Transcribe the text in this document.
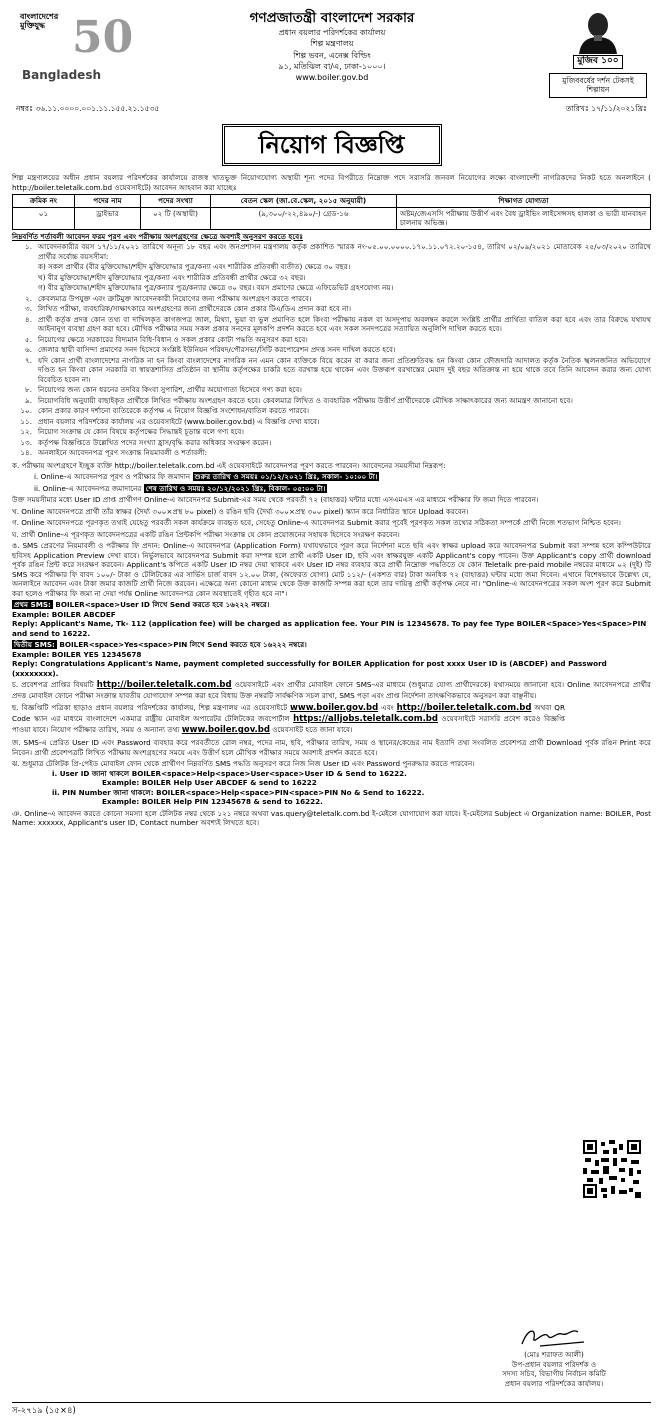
বাংলাদেশের
মুক্তিযুদ্ধ 50
Bangladesh
গণপ্রজাতন্ত্রী বাংলাদেশ সরকার
প্রধান বয়লার পরিদর্শকের কার্যালয়
শিল্প মন্ত্রণালয়
শিল্প ভবন, এনেক্স বিল্ডিং
৯১, মতিঝিল বা/এ, ঢাকা-১০০০।
www.boiler.gov.bd
মুজিব ১০০
মুজিববর্ষের দর্শন টেকসই শিল্পায়ন
নম্বরঃ ৩৬.১১.০০০০.০০১.১১.১৫৫.২১.১৫৩৫	তারিখঃ ১৭/১১/২০২১খ্রিঃ
নিয়োগ বিজ্ঞপ্তি
শিল্প মন্ত্রণালয়ের অধীন প্রধান বয়লার পরিদর্শকের কার্যালয়ে রাজস্ব খাতভুক্ত নিয়োগযোগ্য অস্থায়ী শূন্য পদের বিপরীতে নিম্নোক্ত পদে সরাসরি জনবল নিয়োগের লক্ষ্যে বাংলাদেশী নাগরিকদের নিকট হতে অনলাইনে ( http://boiler.teletalk.com.bd ওয়েবসাইটে) আবেদন আহবান করা যাচ্ছেঃ
ক্রমিক নং	পদের নাম	পদের সংখ্যা	বেতন স্কেল (জা.বে.স্কেল, ২০১৫ অনুযায়ী)	শিক্ষাগত যোগ্যতা
০১	ড্রাইভার	০২ টি (অস্থায়ী)	(৯,৩০০/-২২,৪৯০/-) গ্রেড-১৬	অষ্টম/জেএসসি পরীক্ষায় উত্তীর্ণ এবং বৈধ ড্রাইভিং লাইসেন্সসহ হালকা ও ভারী যানবাহন চালনায় অভিজ্ঞ।
নিম্নবর্ণিত শর্তাবলী আবেদন ফরম পূরণ এবং পরীক্ষায় অংশগ্রহণের ক্ষেত্রে অবশ্যই অনুসরণ করতে হবেঃ
১. আবেদনকারীর বয়স ১৭/১১/২০২১ তারিখে অনূন্য ১৮ বছর এবং জনপ্রশাসন মন্ত্রণালয় কর্তৃক প্রকাশিত স্মারক নং-০৫.০০.০০০০.১৭০.১১.০৭২.২০-১৫৪, তারিখ ০২/০৯/২০২১ মোতাবেক ২৫/০৩/২০২০ তারিখে প্রার্থীর সর্বোচ্চ বয়সসীমা:
ক) সকল প্রার্থীর (বীর মুক্তিযোদ্ধা/শহীদ মুক্তিযোদ্ধার পুত্র/কন্যা এবং শারীরিক প্রতিবন্ধী ব্যতীত) ক্ষেত্রে ৩০ বছর।
খ) বীর মুক্তিযোদ্ধা/শহীদ মুক্তিযোদ্ধার পুত্র/কন্যা এবং শারীরিক প্রতিবন্ধী প্রার্থীর ক্ষেত্রে ৩২ বছর।
গ) বীর মুক্তিযোদ্ধা/শহীদ মুক্তিযোদ্ধার পুত্র/কন্যার পুত্র/কন্যার ক্ষেত্রে ৩০ বছর। বয়স প্রমাণের ক্ষেত্রে এফিডেভিট গ্রহণযোগ্য নয়।
২. কেবলমাত্র উপযুক্ত এবং ত্রুটিমুক্ত আবেদনকারী নিয়োগের জন্য পরীক্ষায় অংশগ্রহণ করতে পারবে।
৩. লিখিত পরীক্ষা, ব্যবহারিক/সাক্ষাৎকারে অংশগ্রহণের জন্য প্রার্থীদেরকে কোন প্রকার টিএ/ডিএ প্রদান করা হবে না।
৪. প্রার্থী কর্তৃক প্রদত্ত কোন তথ্য বা দাখিলকৃত কাগজপত্র জাল, মিথ্যা, ভুয়া বা ভুল প্রমাণিত হলে কিংবা পরীক্ষায় নকল বা অসদুপায় অবলম্বন করলে সংশ্লিষ্ট প্রার্থীর প্রার্থিতা বাতিল করা হবে এবং তার বিরুদ্ধে যথাযথ আইনানুগ ব্যবস্থা গ্রহণ করা হবে। মৌখিক পরীক্ষার সময় সকল প্রকার সনদের মূলকপি প্রদর্শন করতে হবে এবং সকল সনদপত্রের সত্যায়িত অনুলিপি দাখিল করতে হবে।
৫. নিয়োগের ক্ষেত্রে সরকারের বিদ্যমান বিধি-বিধান ও সকল প্রকার কোটা পদ্ধতি অনুসরণ করা হবে।
৬. জেলার স্থায়ী বাসিন্দা প্রমাণের সনদ হিসেবে সংশ্লিষ্ট ইউনিয়ন পরিষদ/পৌরসভা/সিটি করপোরেশন প্রদত্ত সনদ দাখিল করতে হবে।
৭. যদি কোন প্রার্থী বাংলাদেশের নাগরিক না হন কিংবা বাংলাদেশের নাগরিক নন এমন কোন ব্যক্তিকে বিয়ে করেন বা করার জন্য প্রতিশ্রুতিবদ্ধ হন কিংবা কোন ফৌজদারি আদালত কর্তৃক নৈতিক স্খলনজনিত অভিযোগে দণ্ডিত হন কিংবা কোন সরকারি বা স্বায়ত্তশাসিত প্রতিষ্ঠান বা স্থানীয় কর্তৃপক্ষের চাকরি হতে বরখাস্ত হয়ে থাকেন এবং উক্তরূপ বরখাস্তের মেয়াদ দুই বছর অতিক্রান্ত না হয়ে থাকে তবে তিনি আবেদন করার জন্য যোগ্য বিবেচিত হবেন না।
৮. নিয়োগের জন্য কোন ধরনের তদবির কিংবা সুপারিশ, প্রার্থীর অযোগ্যতা হিসেবে গণ্য করা হবে।
৯. নিয়োগবিধি অনুযায়ী বাছাইকৃত প্রার্থীকে লিখিত পরীক্ষায় অংশগ্রহণ করতে হবে। কেবলমাত্র লিখিত ও ব্যবহারিক পরীক্ষায় উত্তীর্ণ প্রার্থীদেরকে মৌখিক সাক্ষাৎকারের জন্য আমন্ত্রণ জানানো হবে।
১০. কোন প্রকার কারণ দর্শানো ব্যতিরেকে কর্তৃপক্ষ এ নিয়োগ বিজ্ঞপ্তি সংশোধন/বাতিল করতে পারবে।
১১. প্রধান বয়লার পরিদর্শকের কার্যালয় এর ওয়েবসাইটে (www.boiler.gov.bd) এ বিজ্ঞপ্তি দেখা যাবে।
১২. নিয়োগ সংক্রান্ত যে কোন বিষয়ে কর্তৃপক্ষের সিদ্ধান্তই চূড়ান্ত বলে গণ্য হবে।
১৩. কর্তৃপক্ষ বিজ্ঞপ্তিতে উল্লেখিত পদের সংখ্যা হ্রাস/বৃদ্ধি করার অধিকার সংরক্ষণ করেন।
১৪. অনলাইনে আবেদনপত্র পূরণ সংক্রান্ত নিয়মাবলী ও শর্তাবলী:
ক. পরীক্ষায় অংশগ্রহণে ইচ্ছুক ব্যক্তি http://boiler.teletalk.com.bd এই ওয়েবসাইটে আবেদনপত্র পূরণ করতে পারবেন। আবেদনের সময়সীমা নিম্নরূপ:
i. Online-এ আবেদনপত্র পূরণ ও পরীক্ষার ফি জমাদান শুরুর তারিখ ও সময়ঃ ০১/১২/২০২১ খ্রিঃ, সকাল- ১০:০০ টা।
ii. Online-এ আবেদনপত্র জমাদানের শেষ তারিখ ও সময়ঃ ২০/১২/২০২১ খ্রিঃ, বিকাল- ০৫:০০ টা।
উক্ত সময়সীমার মধ্যে User ID প্রাপ্ত প্রার্থীগণ Online-এ আবেদনপত্র Submit-এর সময় থেকে পরবর্তী ৭২ (বাহাত্তর) ঘন্টার মধ্যে এসএমএস এর মাধ্যমে পরীক্ষার ফি জমা দিতে পারবেন।
খ. Online আবেদনপত্রে প্রার্থী তাঁর স্বাক্ষর (দৈর্ঘ্য ৩০০×প্রস্থ ৮০ pixel) ও রঙিন ছবি (দৈর্ঘ্য ৩০০×প্রস্থ ৩০০ pixel) স্ক্যান করে নির্ধারিত স্থানে Upload করবেন।
গ. Online আবেদনপত্রে পূরণকৃত তথ্যই যেহেতু পরবর্তী সকল কার্যক্রমে ব্যবহৃত হবে, সেহেতু Online-এ আবেদনপত্র Submit করার পূর্বেই পূরণকৃত সকল তথ্যের সঠিকতা সম্পর্কে প্রার্থী নিজে শতভাগ নিশ্চিত হবেন।
ঘ. প্রার্থী Online-এ পূরণকৃত আবেদনপত্রের একটি রঙিন প্রিন্টকপি পরীক্ষা সংক্রান্ত যে কোন প্রয়োজনের সহায়ক হিসেবে সংরক্ষণ করবেন।
ঙ. SMS প্রেরণের নিয়মাবলী ও পরীক্ষার ফি প্রদান: Online-এ আবেদনপত্র (Application Form) যথাযথভাবে পূরণ করে নির্দেশনা মতে ছবি এবং স্বাক্ষর upload করে আবেদনপত্র Submit করা সম্পন্ন হলে কম্পিউটারে ছবিসহ Application Preview দেখা যাবে। নির্ভুলভাবে আবেদনপত্র Submit করা সম্পন্ন হলে প্রার্থী একটি User ID, ছবি এবং স্বাক্ষরযুক্ত একটি Applicant's copy পাবেন। উক্ত Applicant's copy প্রার্থী download পূর্বক রঙিন প্রিন্ট করে সংরক্ষণ করবেন। Applicant's কপিতে একটি User ID নম্বর দেয়া থাকবে এবং User ID নম্বর ব্যবহার করে প্রার্থী নিম্নোক্ত পদ্ধতিতে যে কোন Teletalk pre-paid mobile নম্বরের মাধ্যমে ০২ (দুই) টি SMS করে পরীক্ষার ফি বাবদ ১০০/- টাকা ও টেলিটকের এর সার্ভিস চার্জ বাবদ ১২.০০ টাকা, (অফেরত যোগ্য) মোট ১১২/- (একশত বার) টাকা অনধিক ৭২ (বাহাত্তর) ঘন্টার মধ্যে জমা দিবেন। এখানে বিশেষভাবে উল্লেখ্য যে, অনলাইনে আবেদন এবং টাকা জমার কাজটি প্রার্থী নিজে করবেন। এক্ষেত্রে অন্য কোনো মাধ্যম থেকে উক্ত কাজটি সম্পন্ন করা হলে তার দায়িত্ব প্রার্থী কর্তৃপক্ষ নেবে না। "Online-এ আবেদনপত্রের সকল অংশ পূরণ করে Submit করা হলেও পরীক্ষার ফি জমা না দেয়া পর্যন্ত Online আবেদনপত্র কোন অবস্থাতেই গৃহীত হবে না"।
প্রথম SMS: BOILER<space>User ID লিখে Send করতে হবে ১৬২২২ নম্বরে।
Example: BOILER ABCDEF
Reply: Applicant's Name, Tk- 112 (application fee) will be charged as application fee. Your PIN is 12345678. To pay fee Type BOILER<Space>Yes<Space>PIN and send to 16222.
দ্বিতীয় SMS: BOILER<space>Yes<space>PIN লিখে Send করতে হবে ১৬২২২ নম্বরে।
Example: BOILER YES 12345678
Reply: Congratulations Applicant's Name, payment completed successfully for BOILER Application for post xxxx User ID is (ABCDEF) and Password (xxxxxxxx).
চ. প্রবেশপত্র প্রাপ্তির বিষয়টি http://boiler.teletalk.com.bd ওয়েবসাইটে এবং প্রার্থীর মোবাইল ফোনে SMS-এর মাধ্যমে (শুধুমাত্র যোগ্য প্রার্থীদেরকে) যথাসময়ে জানানো হবে। Online আবেদনপত্রে প্রার্থীর প্রদত্ত মোবাইল ফোনে পরীক্ষা সংক্রান্ত যাবতীয় যোগাযোগ সম্পন্ন করা হবে বিধায় উক্ত নম্বরটি সার্বক্ষণিক সচল রাখা, SMS পড়া এবং প্রাপ্ত নির্দেশনা তাৎক্ষণিকভাবে অনুসরণ করা বাঞ্ছনীয়।
ছ. বিজ্ঞপ্তিটি পত্রিকা ছাড়াও প্রধান বয়লার পরিদর্শকের কার্যালয়, শিল্প মন্ত্রণালয় এর ওয়েবসাইটে www.boiler.gov.bd এবং http://boiler.teletalk.com.bd অথবা QR Code স্ক্যান এর মাধ্যমে বাংলাদেশে একমাত্র রাষ্ট্রীয় মোবাইল অপারেটর টেলিটকের জবপোর্টাল https://alljobs.teletalk.com.bd ওয়েবসাইটে সরাসরি প্রবেশ করেও বিজ্ঞপ্তি পাওয়া যাবে। নিয়োগ পরীক্ষার তারিখ, সময় ও অন্যান্য তথ্য www.boiler.gov.bd ওয়েবসাইট হতে জানা যাবে।
জ. SMS-এ প্রেরিত User ID এবং Password ব্যবহার করে পরবর্তীতে রোল নম্বর, পদের নাম, ছবি, পরীক্ষার তারিখ, সময় ও স্থানের/কেন্দ্রের নাম ইত্যাদি তথ্য সংবলিত প্রবেশপত্র প্রার্থী Download পূর্বক রঙিন Print করে নিবেন। প্রার্থী প্রবেশপত্রটি লিখিত পরীক্ষায় অংশগ্রহণের সময়ে এবং উত্তীর্ণ হলে মৌখিক পরীক্ষার সময়ে অবশ্যই প্রদর্শন করতে হবে।
ঝ. শুধুমাত্র টেলিটক প্রি-পেইড মোবাইল ফোন থেকে প্রার্থীগণ নিম্নবর্ণিত SMS পদ্ধতি অনুসরণ করে নিজ নিজ User ID এবং Password পুনরুদ্ধার করতে পারবেন।
i. User ID জানা থাকলে BOILER<space>Help<space>User<space>User ID & Send to 16222.
Example: BOILER Help User ABCDEF & send to 16222
ii. PIN Number জানা থাকলে: BOILER<space>Help<space>PIN<space>PIN No & Send to 16222.
Example: BOILER Help PIN 12345678 & send to 16222.
ঞ. Online-এ আবেদন করতে কোনো সমস্যা হলে টেলিটক নম্বর থেকে ১২১ নম্বরে অথবা vas.query@teletalk.com.bd ই-মেইলে যোগাযোগ করা যাবে। ই-মেইলের Subject এ Organization name: BOILER, Post Name: xxxxxx, Applicant's user ID, Contact number অবশ্যই লিখতে হবে।
(মোঃ শরাফত আলী)
উপ-প্রধান বয়লার পরিদর্শক ও
সদস্য সচিব, বিভাগীয় নির্বাচন কমিটি
প্রধান বয়লার পরিদর্শকের কার্যালয়।
স-২৭১৯ (১৫×৪)
